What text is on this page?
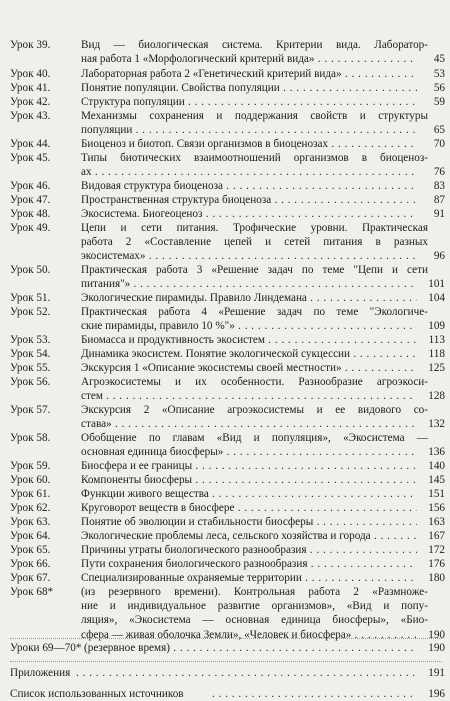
Урок 39.	Вид — биологическая система. Критерии вида. Лаборатор-
ная работа 1 «Морфологический критерий вида» . . .	45
Урок 40.	Лабораторная работа 2 «Генетический критерий вида» . . .	53
Урок 41.	Понятие популяции. Свойства популяции . . .	56
Урок 42.	Структура популяции . . .	59
Урок 43.	Механизмы сохранения и поддержания свойств и структуры
популяции . . .	65
Урок 44.	Биоценоз и биотоп. Связи организмов в биоценозах . . .	70
Урок 45.	Типы биотических взаимоотношений организмов в биоценоз-
ах . . .	76
Урок 46.	Видовая структура биоценоза . . .	83
Урок 47.	Пространственная структура биоценоза . . .	87
Урок 48.	Экосистема. Биогеоценоз . . .	91
Урок 49.	Цепи и сети питания. Трофические уровни. Практическая
работа 2 «Составление цепей и сетей питания в разных
экосистемах» . . .	96
Урок 50.	Практическая работа 3 «Решение задач по теме "Цепи и сети
питания"» . . .	101
Урок 51.	Экологические пирамиды. Правило Линдемана . . .	104
Урок 52.	Практическая работа 4 «Решение задач по теме "Экологиче-
ские пирамиды, правило 10 %"» . . .	109
Урок 53.	Биомасса и продуктивность экосистем . . .	113
Урок 54.	Динамика экосистем. Понятие экологической сукцессии . . .	118
Урок 55.	Экскурсия 1 «Описание экосистемы своей местности» . . .	125
Урок 56.	Агроэкосистемы и их особенности. Разнообразие агроэкоси-
стем . . .	128
Урок 57.	Экскурсия 2 «Описание агроэкосистемы и ее видового со-
става» . . .	132
Урок 58.	Обобщение по главам «Вид и популяция», «Экосистема —
основная единица биосферы» . . .	136
Урок 59.	Биосфера и ее границы . . .	140
Урок 60.	Компоненты биосферы . . .	145
Урок 61.	Функции живого вещества . . .	151
Урок 62.	Круговорот веществ в биосфере . . .	156
Урок 63.	Понятие об эволюции и стабильности биосферы . . .	163
Урок 64.	Экологические проблемы леса, сельского хозяйства и города . . .	167
Урок 65.	Причины утраты биологического разнообразия . . .	172
Урок 66.	Пути сохранения биологического разнообразия . . .	176
Урок 67.	Специализированные охраняемые территории . . .	180
Урок 68* (из резервного времени). Контрольная работа 2 «Размноже-
ние и индивидуальное развитие организмов», «Вид и попу-
ляция», «Экосистема — основная единица биосферы», «Био-
сфера — живая оболочка Земли», «Человек и биосфера» . . .	190
Уроки 69—70* (резервное время) . . .	190
Приложения . . .	191
Список использованных источников . . .	196
